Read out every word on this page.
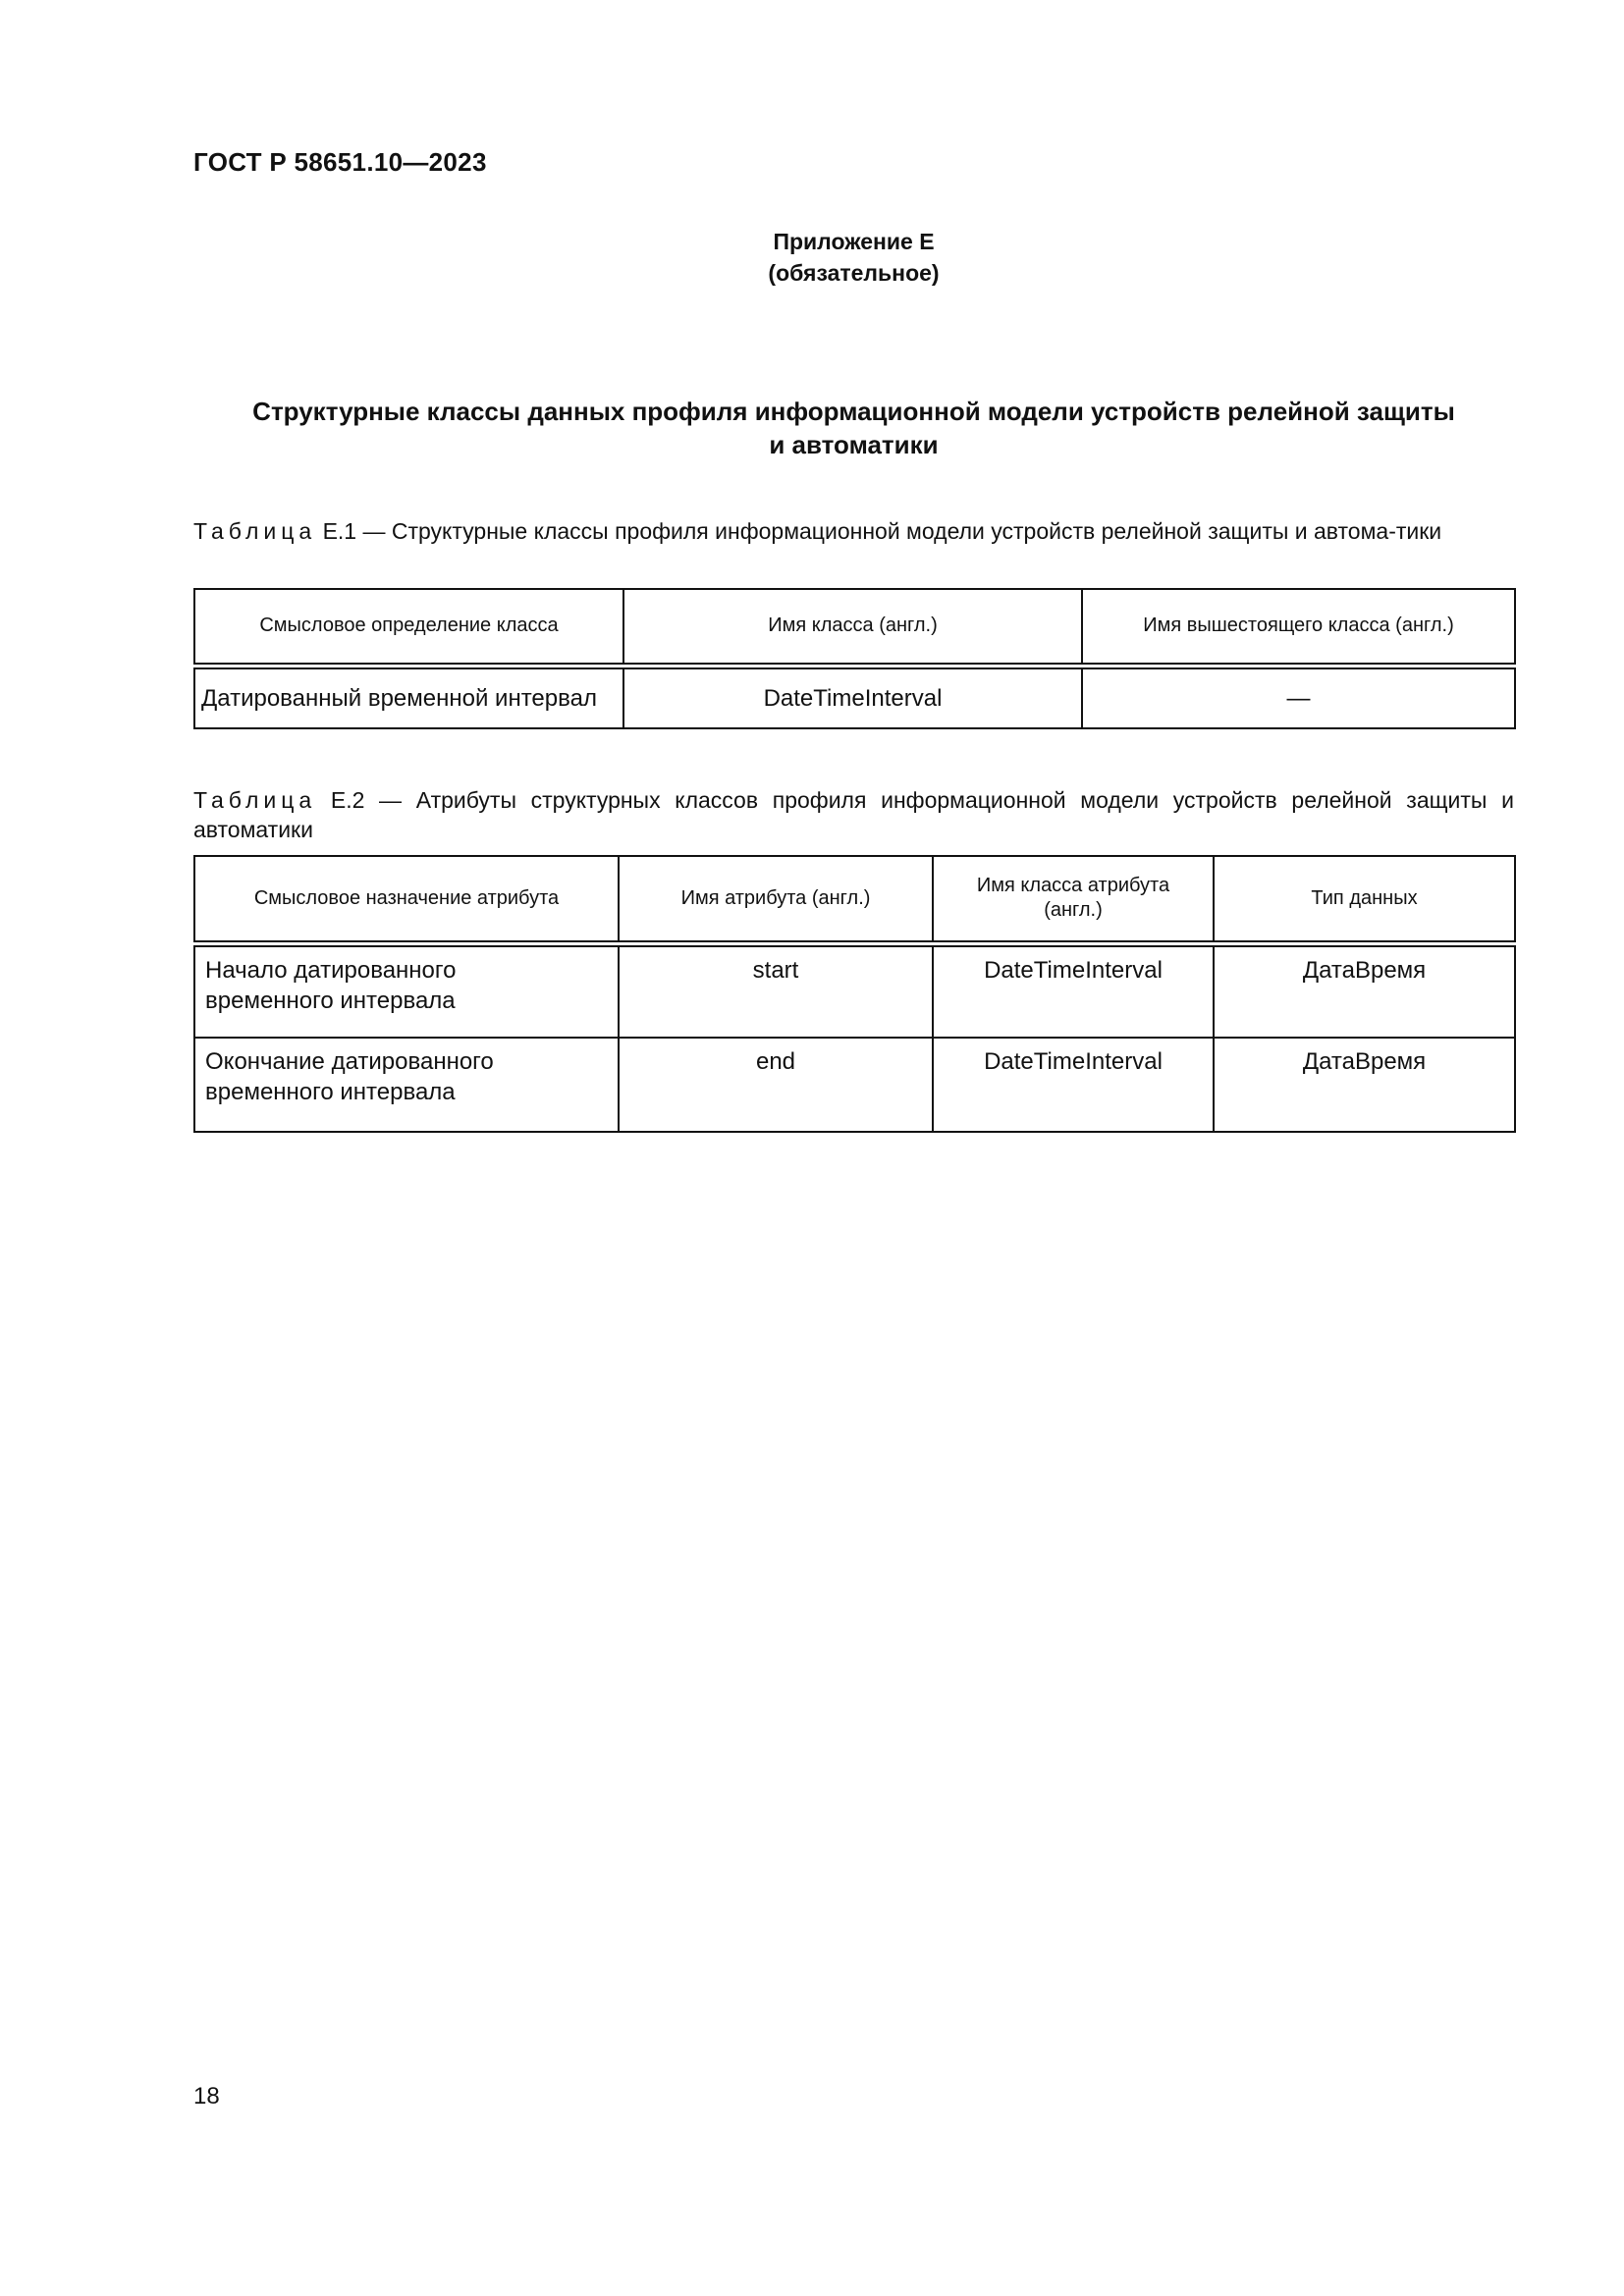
ГОСТ Р 58651.10—2023
Приложение Е
(обязательное)
Структурные классы данных профиля информационной модели устройств релейной защиты
и автоматики
Таблица Е.1 — Структурные классы профиля информационной модели устройств релейной защиты и автома-тики
Смысловое определение класса	Имя класса (англ.)	Имя вышестоящего класса (англ.)
Датированный временной интервал	DateTimeInterval	—
Таблица Е.2 — Атрибуты структурных классов профиля информационной модели устройств релейной защиты и автоматики
Смысловое назначение атрибута	Имя атрибута (англ.)	Имя класса атрибута (англ.)	Тип данных
Начало датированного временного интервала	start	DateTimeInterval	ДатаВремя
Окончание датированного временного интервала	end	DateTimeInterval	ДатаВремя
18
